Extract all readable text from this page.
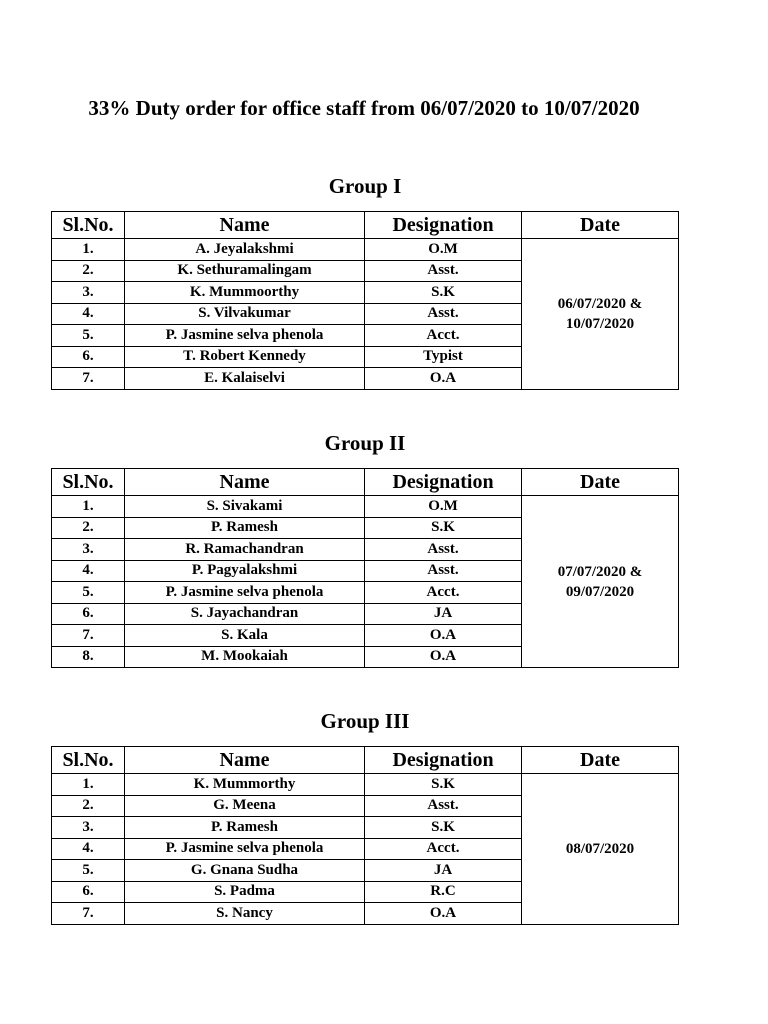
33% Duty order for office staff from 06/07/2020 to 10/07/2020
Group I
Sl.No.	Name	Designation	Date
1.	A. Jeyalakshmi	O.M	06/07/2020 &
10/07/2020

2.	K. Sethuramalingam	Asst.	
3.	K. Mummoorthy	S.K	
4.	S. Vilvakumar	Asst.	
5.	P. Jasmine selva phenola	Acct.	
6.	T. Robert Kennedy	Typist	
7.	E. Kalaiselvi	O.A	
Group II
Sl.No.	Name	Designation	Date
1.	S. Sivakami	O.M	07/07/2020 &
09/07/2020

2.	P. Ramesh	S.K	
3.	R. Ramachandran	Asst.	
4.	P. Pagyalakshmi	Asst.	
5.	P. Jasmine selva phenola	Acct.	
6.	S. Jayachandran	JA	
7.	S. Kala	O.A	
8.	M. Mookaiah	O.A	
Group III
Sl.No.	Name	Designation	Date
1.	K. Mummorthy	S.K	08/07/2020

2.	G. Meena	Asst.	
3.	P. Ramesh	S.K	
4.	P. Jasmine selva phenola	Acct.	
5.	G. Gnana Sudha	JA	
6.	S. Padma	R.C	
7.	S. Nancy	O.A	
